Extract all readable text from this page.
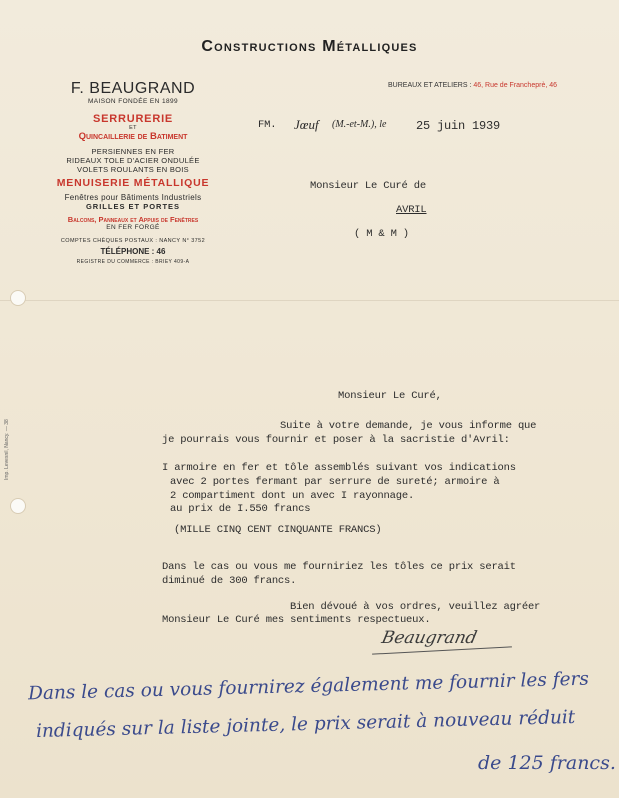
Constructions Métalliques
BUREAUX ET ATELIERS : 46, Rue de Francheprè, 46
F. BEAUGRAND
MAISON FONDÉE EN 1899
SERRURERIE
ET
Quincaillerie de Batiment
PERSIENNES EN FER
RIDEAUX TOLE D'ACIER ONDULÉE
VOLETS ROULANTS EN BOIS
MENUISERIE MÉTALLIQUE
Fenêtres pour Bâtiments Industriels
GRILLES ET PORTES
Balcons, Panneaux et Appuis de Fenêtres
EN FER FORGÉ
COMPTES CHÈQUES POSTAUX : NANCY N° 3752
TÉLÉPHONE : 46
REGISTRE DU COMMERCE : BRIEY 409-A
Imp. Levesnil, Nancy. — 38
FM. Jœuf (M.-et-M.), le 25 juin 1939
Monsieur Le Curé de
AVRIL
( M & M )
Monsieur Le Curé,
Suite à votre demande, je vous informe que
je pourrais vous fournir et poser à la sacristie d'Avril:
I armoire en fer et tôle assemblés suivant vos indications
avec 2 portes fermant par serrure de sureté; armoire à
2 compartiment dont un avec I rayonnage.
au prix de I.550 francs
(MILLE CINQ CENT CINQUANTE FRANCS)
Dans le cas ou vous me fourniriez les tôles ce prix serait
diminué de 300 francs.
Bien dévoué à vos ordres, veuillez agréer
Monsieur Le Curé mes sentiments respectueux.
Beaugrand
Dans le cas ou vous fournirez également me fournir les fers
indiqués sur la liste jointe, le prix serait à nouveau réduit
de 125 francs.
